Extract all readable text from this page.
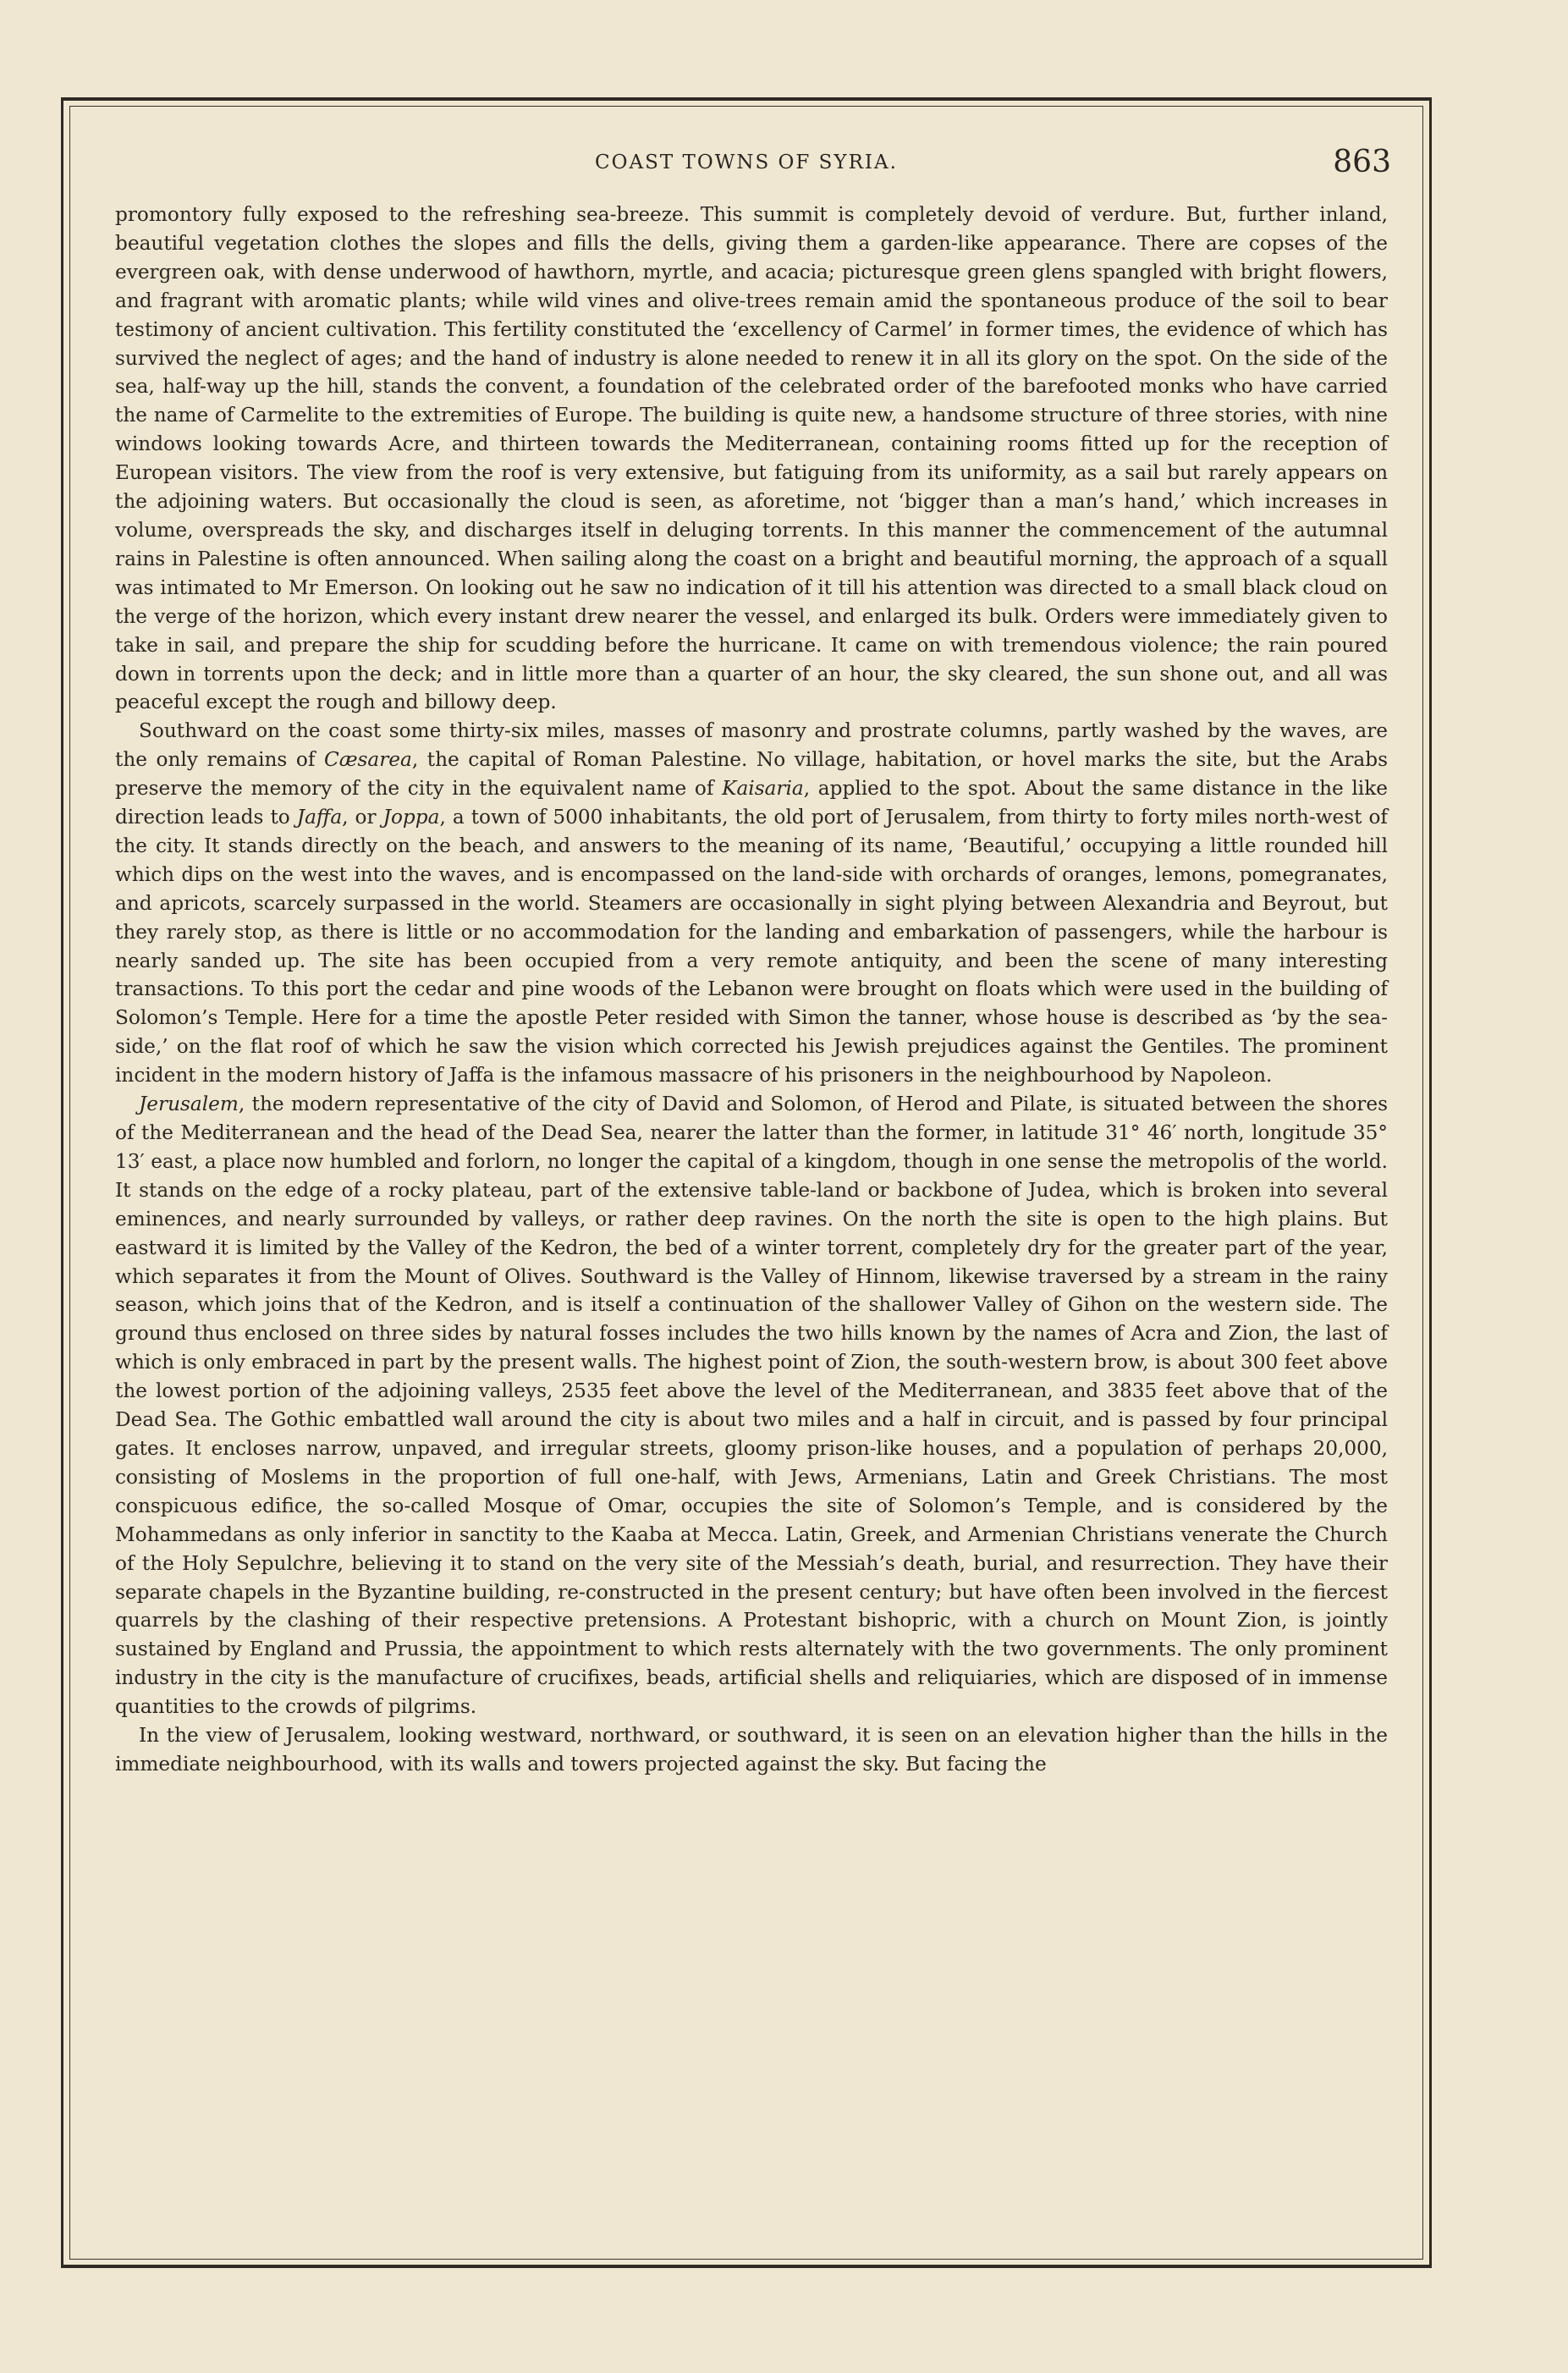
COAST TOWNS OF SYRIA.	863

promontory fully exposed to the refreshing sea-breeze. This summit is completely devoid of verdure. But, further inland, beautiful vegetation clothes the slopes and fills the dells, giving them a garden-like appearance. There are copses of the evergreen oak, with dense underwood of hawthorn, myrtle, and acacia; picturesque green glens spangled with bright flowers, and fragrant with aromatic plants; while wild vines and olive-trees remain amid the spontaneous produce of the soil to bear testimony of ancient cultivation. This fertility constituted the ‘excellency of Carmel’ in former times, the evidence of which has survived the neglect of ages; and the hand of industry is alone needed to renew it in all its glory on the spot. On the side of the sea, half-way up the hill, stands the convent, a foundation of the celebrated order of the barefooted monks who have carried the name of Carmelite to the extremities of Europe. The building is quite new, a handsome structure of three stories, with nine windows looking towards Acre, and thirteen towards the Mediterranean, containing rooms fitted up for the reception of European visitors. The view from the roof is very extensive, but fatiguing from its uniformity, as a sail but rarely appears on the adjoining waters. But occasionally the cloud is seen, as aforetime, not ‘bigger than a man’s hand,’ which increases in volume, overspreads the sky, and discharges itself in deluging torrents. In this manner the commencement of the autumnal rains in Palestine is often announced. When sailing along the coast on a bright and beautiful morning, the approach of a squall was intimated to Mr Emerson. On looking out he saw no indication of it till his attention was directed to a small black cloud on the verge of the horizon, which every instant drew nearer the vessel, and enlarged its bulk. Orders were immediately given to take in sail, and prepare the ship for scudding before the hurricane. It came on with tremendous violence; the rain poured down in torrents upon the deck; and in little more than a quarter of an hour, the sky cleared, the sun shone out, and all was peaceful except the rough and billowy deep.

Southward on the coast some thirty-six miles, masses of masonry and prostrate columns, partly washed by the waves, are the only remains of Cæsarea, the capital of Roman Palestine. No village, habitation, or hovel marks the site, but the Arabs preserve the memory of the city in the equivalent name of Kaisaria, applied to the spot. About the same distance in the like direction leads to Jaffa, or Joppa, a town of 5000 inhabitants, the old port of Jerusalem, from thirty to forty miles north-west of the city. It stands directly on the beach, and answers to the meaning of its name, ‘Beautiful,’ occupying a little rounded hill which dips on the west into the waves, and is encompassed on the land-side with orchards of oranges, lemons, pomegranates, and apricots, scarcely surpassed in the world. Steamers are occasionally in sight plying between Alexandria and Beyrout, but they rarely stop, as there is little or no accommodation for the landing and embarkation of passengers, while the harbour is nearly sanded up. The site has been occupied from a very remote antiquity, and been the scene of many interesting transactions. To this port the cedar and pine woods of the Lebanon were brought on floats which were used in the building of Solomon’s Temple. Here for a time the apostle Peter resided with Simon the tanner, whose house is described as ‘by the sea-side,’ on the flat roof of which he saw the vision which corrected his Jewish prejudices against the Gentiles. The prominent incident in the modern history of Jaffa is the infamous massacre of his prisoners in the neighbourhood by Napoleon.

Jerusalem, the modern representative of the city of David and Solomon, of Herod and Pilate, is situated between the shores of the Mediterranean and the head of the Dead Sea, nearer the latter than the former, in latitude 31° 46′ north, longitude 35° 13′ east, a place now humbled and forlorn, no longer the capital of a kingdom, though in one sense the metropolis of the world. It stands on the edge of a rocky plateau, part of the extensive table-land or backbone of Judea, which is broken into several eminences, and nearly surrounded by valleys, or rather deep ravines. On the north the site is open to the high plains. But eastward it is limited by the Valley of the Kedron, the bed of a winter torrent, completely dry for the greater part of the year, which separates it from the Mount of Olives. Southward is the Valley of Hinnom, likewise traversed by a stream in the rainy season, which joins that of the Kedron, and is itself a continuation of the shallower Valley of Gihon on the western side. The ground thus enclosed on three sides by natural fosses includes the two hills known by the names of Acra and Zion, the last of which is only embraced in part by the present walls. The highest point of Zion, the south-western brow, is about 300 feet above the lowest portion of the adjoining valleys, 2535 feet above the level of the Mediterranean, and 3835 feet above that of the Dead Sea. The Gothic embattled wall around the city is about two miles and a half in circuit, and is passed by four principal gates. It encloses narrow, unpaved, and irregular streets, gloomy prison-like houses, and a population of perhaps 20,000, consisting of Moslems in the proportion of full one-half, with Jews, Armenians, Latin and Greek Christians. The most conspicuous edifice, the so-called Mosque of Omar, occupies the site of Solomon’s Temple, and is considered by the Mohammedans as only inferior in sanctity to the Kaaba at Mecca. Latin, Greek, and Armenian Christians venerate the Church of the Holy Sepulchre, believing it to stand on the very site of the Messiah’s death, burial, and resurrection. They have their separate chapels in the Byzantine building, re-constructed in the present century; but have often been involved in the fiercest quarrels by the clashing of their respective pretensions. A Protestant bishopric, with a church on Mount Zion, is jointly sustained by England and Prussia, the appointment to which rests alternately with the two governments. The only prominent industry in the city is the manufacture of crucifixes, beads, artificial shells and reliquiaries, which are disposed of in immense quantities to the crowds of pilgrims.

In the view of Jerusalem, looking westward, northward, or southward, it is seen on an elevation higher than the hills in the immediate neighbourhood, with its walls and towers projected against the sky. But facing the
